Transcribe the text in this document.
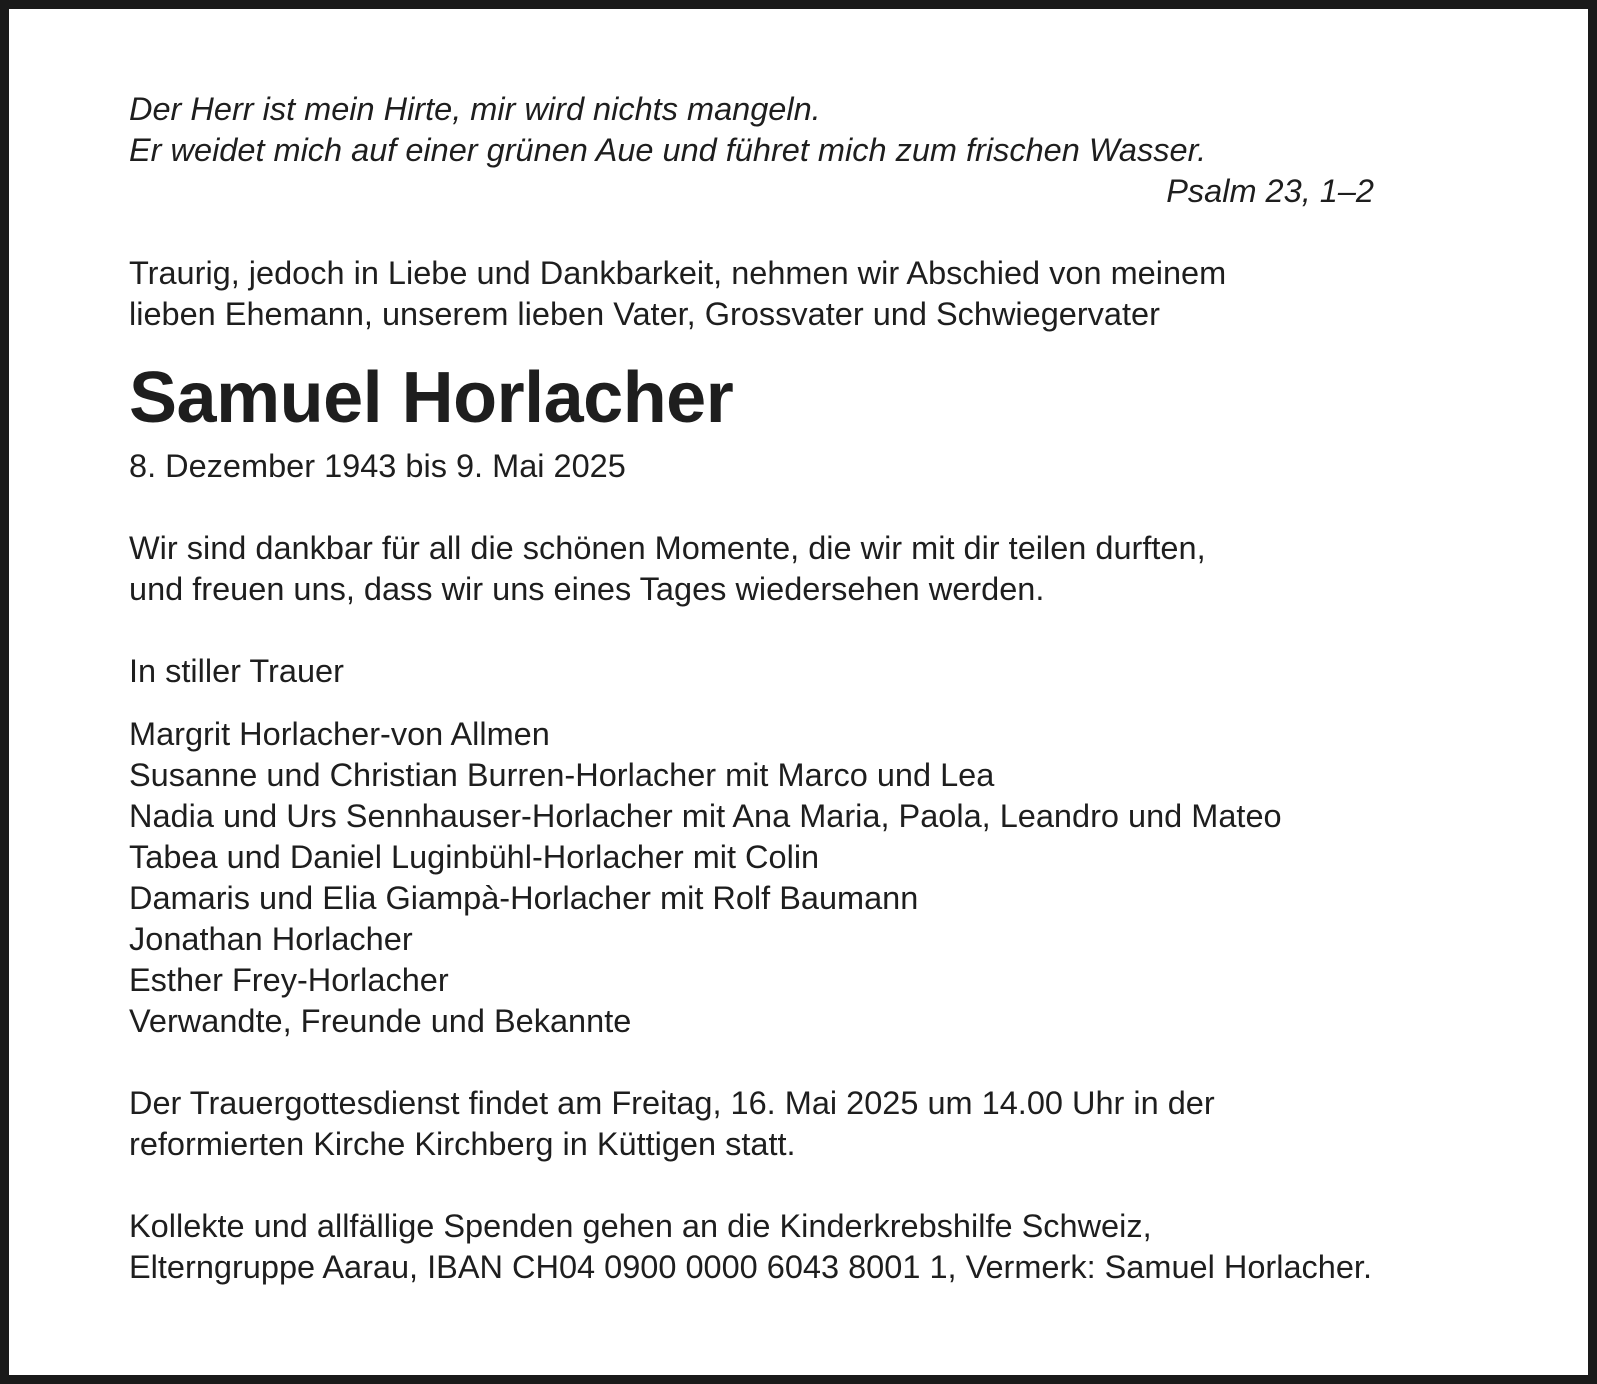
Der Herr ist mein Hirte, mir wird nichts mangeln.
Er weidet mich auf einer grünen Aue und führet mich zum frischen Wasser.
Psalm 23, 1–2
Traurig, jedoch in Liebe und Dankbarkeit, nehmen wir Abschied von meinem
lieben Ehemann, unserem lieben Vater, Grossvater und Schwiegervater
Samuel Horlacher
8. Dezember 1943 bis 9. Mai 2025
Wir sind dankbar für all die schönen Momente, die wir mit dir teilen durften,
und freuen uns, dass wir uns eines Tages wiedersehen werden.
In stiller Trauer
Margrit Horlacher-von Allmen
Susanne und Christian Burren-Horlacher mit Marco und Lea
Nadia und Urs Sennhauser-Horlacher mit Ana Maria, Paola, Leandro und Mateo
Tabea und Daniel Luginbühl-Horlacher mit Colin
Damaris und Elia Giampà-Horlacher mit Rolf Baumann
Jonathan Horlacher
Esther Frey-Horlacher
Verwandte, Freunde und Bekannte
Der Trauergottesdienst findet am Freitag, 16. Mai 2025 um 14.00 Uhr in der
reformierten Kirche Kirchberg in Küttigen statt.
Kollekte und allfällige Spenden gehen an die Kinderkrebshilfe Schweiz,
Elterngruppe Aarau, IBAN CH04 0900 0000 6043 8001 1, Vermerk: Samuel Horlacher.
